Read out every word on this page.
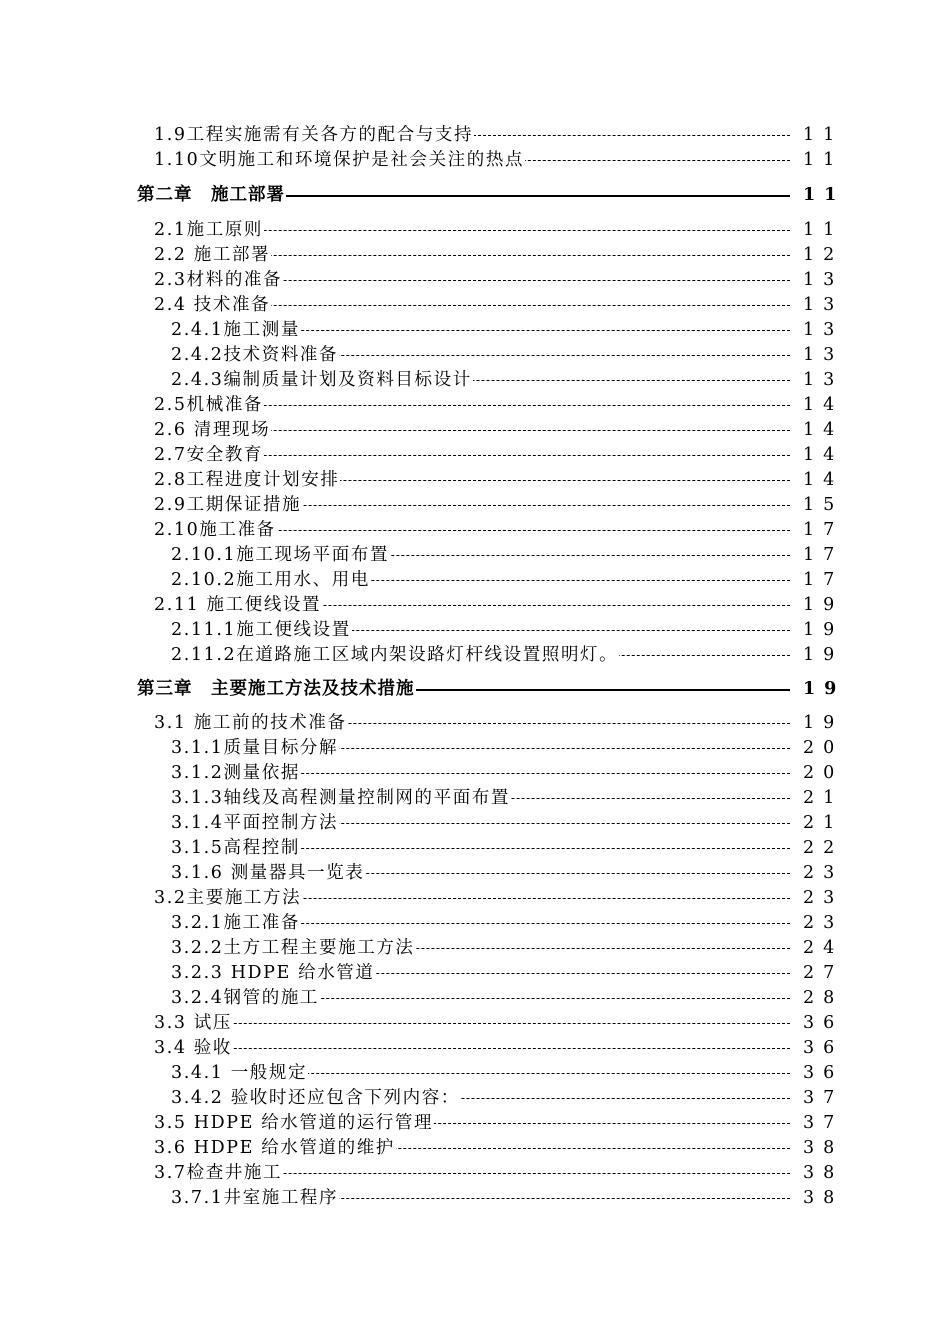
1.9工程实施需有关各方的配合与支持	11
1.10文明施工和环境保护是社会关注的热点	11
第二章　施工部署	11
2.1施工原则	11
2.2 施工部署	12
2.3材料的准备	13
2.4 技术准备	13
2.4.1施工测量	13
2.4.2技术资料准备	13
2.4.3编制质量计划及资料目标设计	13
2.5机械准备	14
2.6 清理现场	14
2.7安全教育	14
2.8工程进度计划安排	14
2.9工期保证措施	15
2.10施工准备	17
2.10.1施工现场平面布置	17
2.10.2施工用水、用电	17
2.11 施工便线设置	19
2.11.1施工便线设置	19
2.11.2在道路施工区域内架设路灯杆线设置照明灯。	19
第三章　主要施工方法及技术措施	19
3.1 施工前的技术准备	19
3.1.1质量目标分解	20
3.1.2测量依据	20
3.1.3轴线及高程测量控制网的平面布置	21
3.1.4平面控制方法	21
3.1.5高程控制	22
3.1.6 测量器具一览表	23
3.2主要施工方法	23
3.2.1施工准备	23
3.2.2土方工程主要施工方法	24
3.2.3 HDPE 给水管道	27
3.2.4钢管的施工	28
3.3 试压	36
3.4 验收	36
3.4.1 一般规定	36
3.4.2 验收时还应包含下列内容：	37
3.5 HDPE 给水管道的运行管理	37
3.6 HDPE 给水管道的维护	38
3.7检查井施工	38
3.7.1井室施工程序	38
